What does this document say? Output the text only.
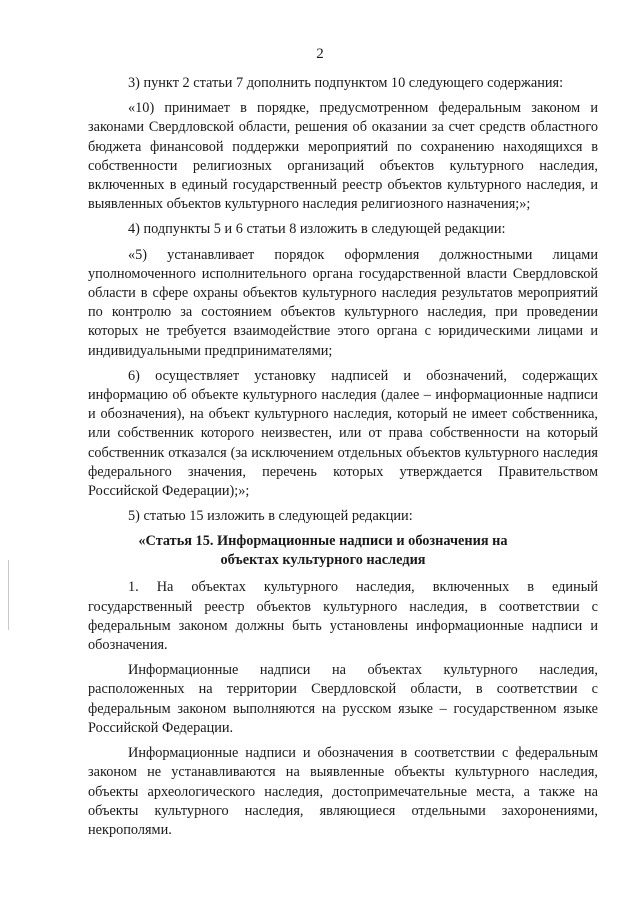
2

3) пункт 2 статьи 7 дополнить подпунктом 10 следующего содержания:

«10) принимает в порядке, предусмотренном федеральным законом и законами Свердловской области, решения об оказании за счет средств областного бюджета финансовой поддержки мероприятий по сохранению находящихся в собственности религиозных организаций объектов культурного наследия, включенных в единый государственный реестр объектов культурного наследия, и выявленных объектов культурного наследия религиозного назначения;»;

4) подпункты 5 и 6 статьи 8 изложить в следующей редакции:

«5) устанавливает порядок оформления должностными лицами уполномоченного исполнительного органа государственной власти Свердловской области в сфере охраны объектов культурного наследия результатов мероприятий по контролю за состоянием объектов культурного наследия, при проведении которых не требуется взаимодействие этого органа с юридическими лицами и индивидуальными предпринимателями;

6) осуществляет установку надписей и обозначений, содержащих информацию об объекте культурного наследия (далее – информационные надписи и обозначения), на объект культурного наследия, который не имеет собственника, или собственник которого неизвестен, или от права собственности на который собственник отказался (за исключением отдельных объектов культурного наследия федерального значения, перечень которых утверждается Правительством Российской Федерации);»;

5) статью 15 изложить в следующей редакции:

«Статья 15. Информационные надписи и обозначения на
объектах культурного наследия

1. На объектах культурного наследия, включенных в единый государственный реестр объектов культурного наследия, в соответствии с федеральным законом должны быть установлены информационные надписи и обозначения.

Информационные надписи на объектах культурного наследия, расположенных на территории Свердловской области, в соответствии с федеральным законом выполняются на русском языке – государственном языке Российской Федерации.

Информационные надписи и обозначения в соответствии с федеральным законом не устанавливаются на выявленные объекты культурного наследия, объекты археологического наследия, достопримечательные места, а также на объекты культурного наследия, являющиеся отдельными захоронениями, некрополями.
